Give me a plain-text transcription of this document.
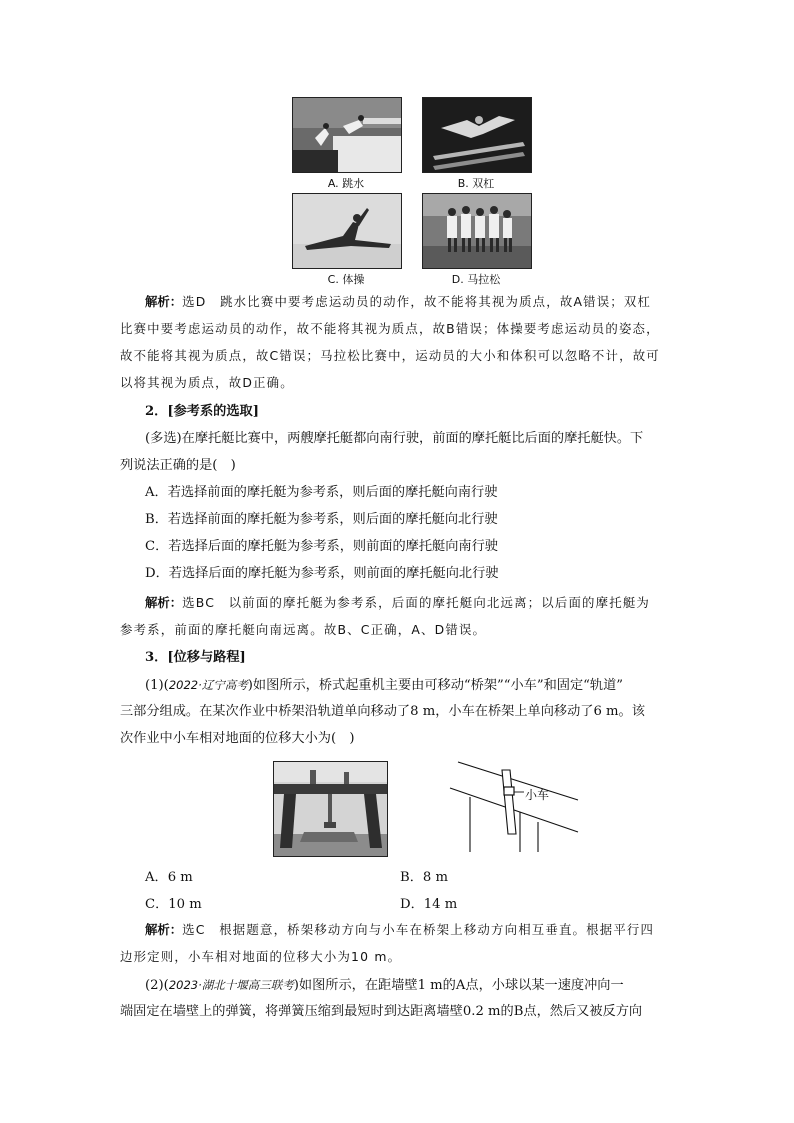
A. 跳水	B. 双杠
C. 体操	D. 马拉松
解析：选D　跳水比赛中要考虑运动员的动作，故不能将其视为质点，故A错误；双杠
比赛中要考虑运动员的动作，故不能将其视为质点，故B错误；体操要考虑运动员的姿态，
故不能将其视为质点，故C错误；马拉松比赛中，运动员的大小和体积可以忽略不计，故可
以将其视为质点，故D正确。
2．[参考系的选取]
(多选)在摩托艇比赛中，两艘摩托艇都向南行驶，前面的摩托艇比后面的摩托艇快。下
列说法正确的是(　)
A．若选择前面的摩托艇为参考系，则后面的摩托艇向南行驶
B．若选择前面的摩托艇为参考系，则后面的摩托艇向北行驶
C．若选择后面的摩托艇为参考系，则前面的摩托艇向南行驶
D．若选择后面的摩托艇为参考系，则前面的摩托艇向北行驶
解析：选BC　以前面的摩托艇为参考系，后面的摩托艇向北远离；以后面的摩托艇为
参考系，前面的摩托艇向南远离。故B、C正确，A、D错误。
3．[位移与路程]
(1)(2022·辽宁高考)如图所示，桥式起重机主要由可移动“桥架”“小车”和固定“轨道”
三部分组成。在某次作业中桥架沿轨道单向移动了8 m，小车在桥架上单向移动了6 m。该
次作业中小车相对地面的位移大小为(　)
小车
A．6 m	B．8 m
C．10 m	D．14 m
解析：选C　根据题意，桥架移动方向与小车在桥架上移动方向相互垂直。根据平行四
边形定则，小车相对地面的位移大小为10 m。
(2)(2023·湖北十堰高三联考)如图所示，在距墙壁1 m的A点，小球以某一速度冲向一
端固定在墙壁上的弹簧，将弹簧压缩到最短时到达距离墙壁0.2 m的B点，然后又被反方向
